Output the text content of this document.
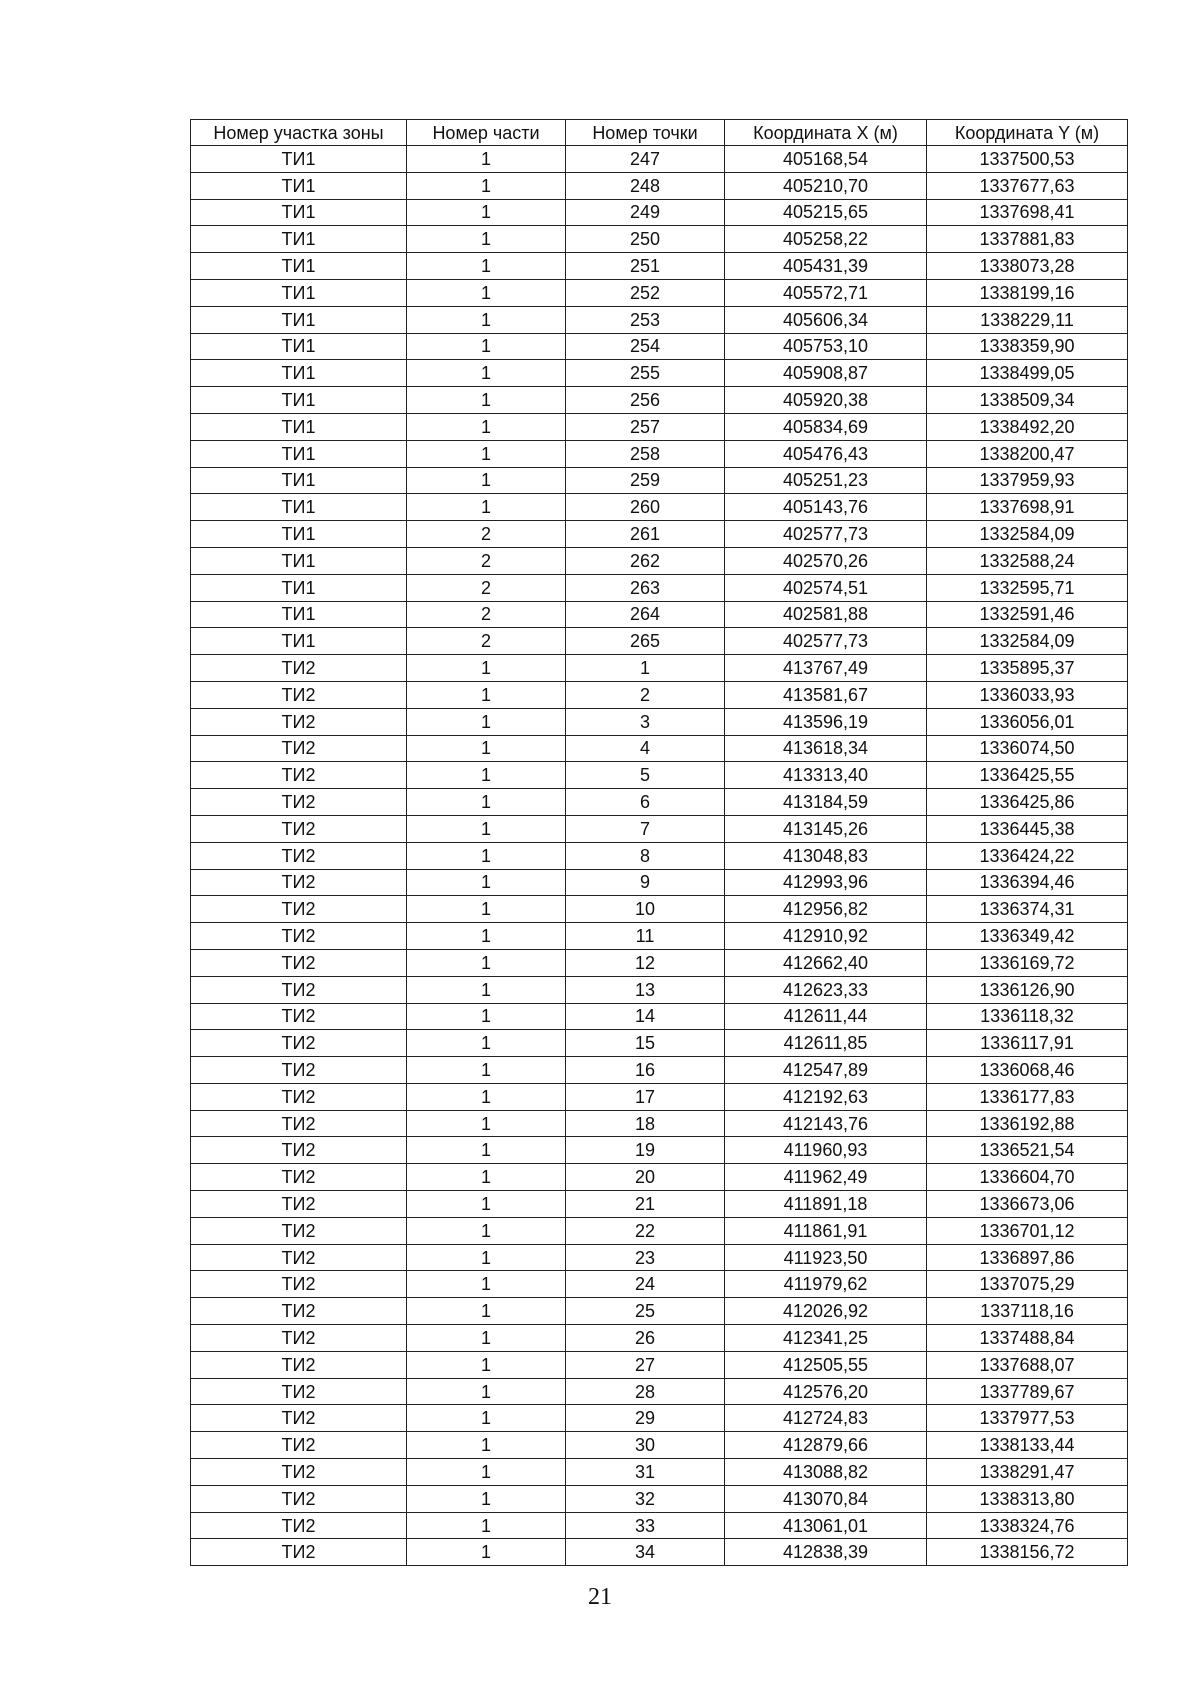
Номер участка зоны	Номер части	Номер точки	Координата X (м)	Координата Y (м)
ТИ1	1	247	405168,54	1337500,53
ТИ1	1	248	405210,70	1337677,63
ТИ1	1	249	405215,65	1337698,41
ТИ1	1	250	405258,22	1337881,83
ТИ1	1	251	405431,39	1338073,28
ТИ1	1	252	405572,71	1338199,16
ТИ1	1	253	405606,34	1338229,11
ТИ1	1	254	405753,10	1338359,90
ТИ1	1	255	405908,87	1338499,05
ТИ1	1	256	405920,38	1338509,34
ТИ1	1	257	405834,69	1338492,20
ТИ1	1	258	405476,43	1338200,47
ТИ1	1	259	405251,23	1337959,93
ТИ1	1	260	405143,76	1337698,91
ТИ1	2	261	402577,73	1332584,09
ТИ1	2	262	402570,26	1332588,24
ТИ1	2	263	402574,51	1332595,71
ТИ1	2	264	402581,88	1332591,46
ТИ1	2	265	402577,73	1332584,09
ТИ2	1	1	413767,49	1335895,37
ТИ2	1	2	413581,67	1336033,93
ТИ2	1	3	413596,19	1336056,01
ТИ2	1	4	413618,34	1336074,50
ТИ2	1	5	413313,40	1336425,55
ТИ2	1	6	413184,59	1336425,86
ТИ2	1	7	413145,26	1336445,38
ТИ2	1	8	413048,83	1336424,22
ТИ2	1	9	412993,96	1336394,46
ТИ2	1	10	412956,82	1336374,31
ТИ2	1	11	412910,92	1336349,42
ТИ2	1	12	412662,40	1336169,72
ТИ2	1	13	412623,33	1336126,90
ТИ2	1	14	412611,44	1336118,32
ТИ2	1	15	412611,85	1336117,91
ТИ2	1	16	412547,89	1336068,46
ТИ2	1	17	412192,63	1336177,83
ТИ2	1	18	412143,76	1336192,88
ТИ2	1	19	411960,93	1336521,54
ТИ2	1	20	411962,49	1336604,70
ТИ2	1	21	411891,18	1336673,06
ТИ2	1	22	411861,91	1336701,12
ТИ2	1	23	411923,50	1336897,86
ТИ2	1	24	411979,62	1337075,29
ТИ2	1	25	412026,92	1337118,16
ТИ2	1	26	412341,25	1337488,84
ТИ2	1	27	412505,55	1337688,07
ТИ2	1	28	412576,20	1337789,67
ТИ2	1	29	412724,83	1337977,53
ТИ2	1	30	412879,66	1338133,44
ТИ2	1	31	413088,82	1338291,47
ТИ2	1	32	413070,84	1338313,80
ТИ2	1	33	413061,01	1338324,76
ТИ2	1	34	412838,39	1338156,72
21
